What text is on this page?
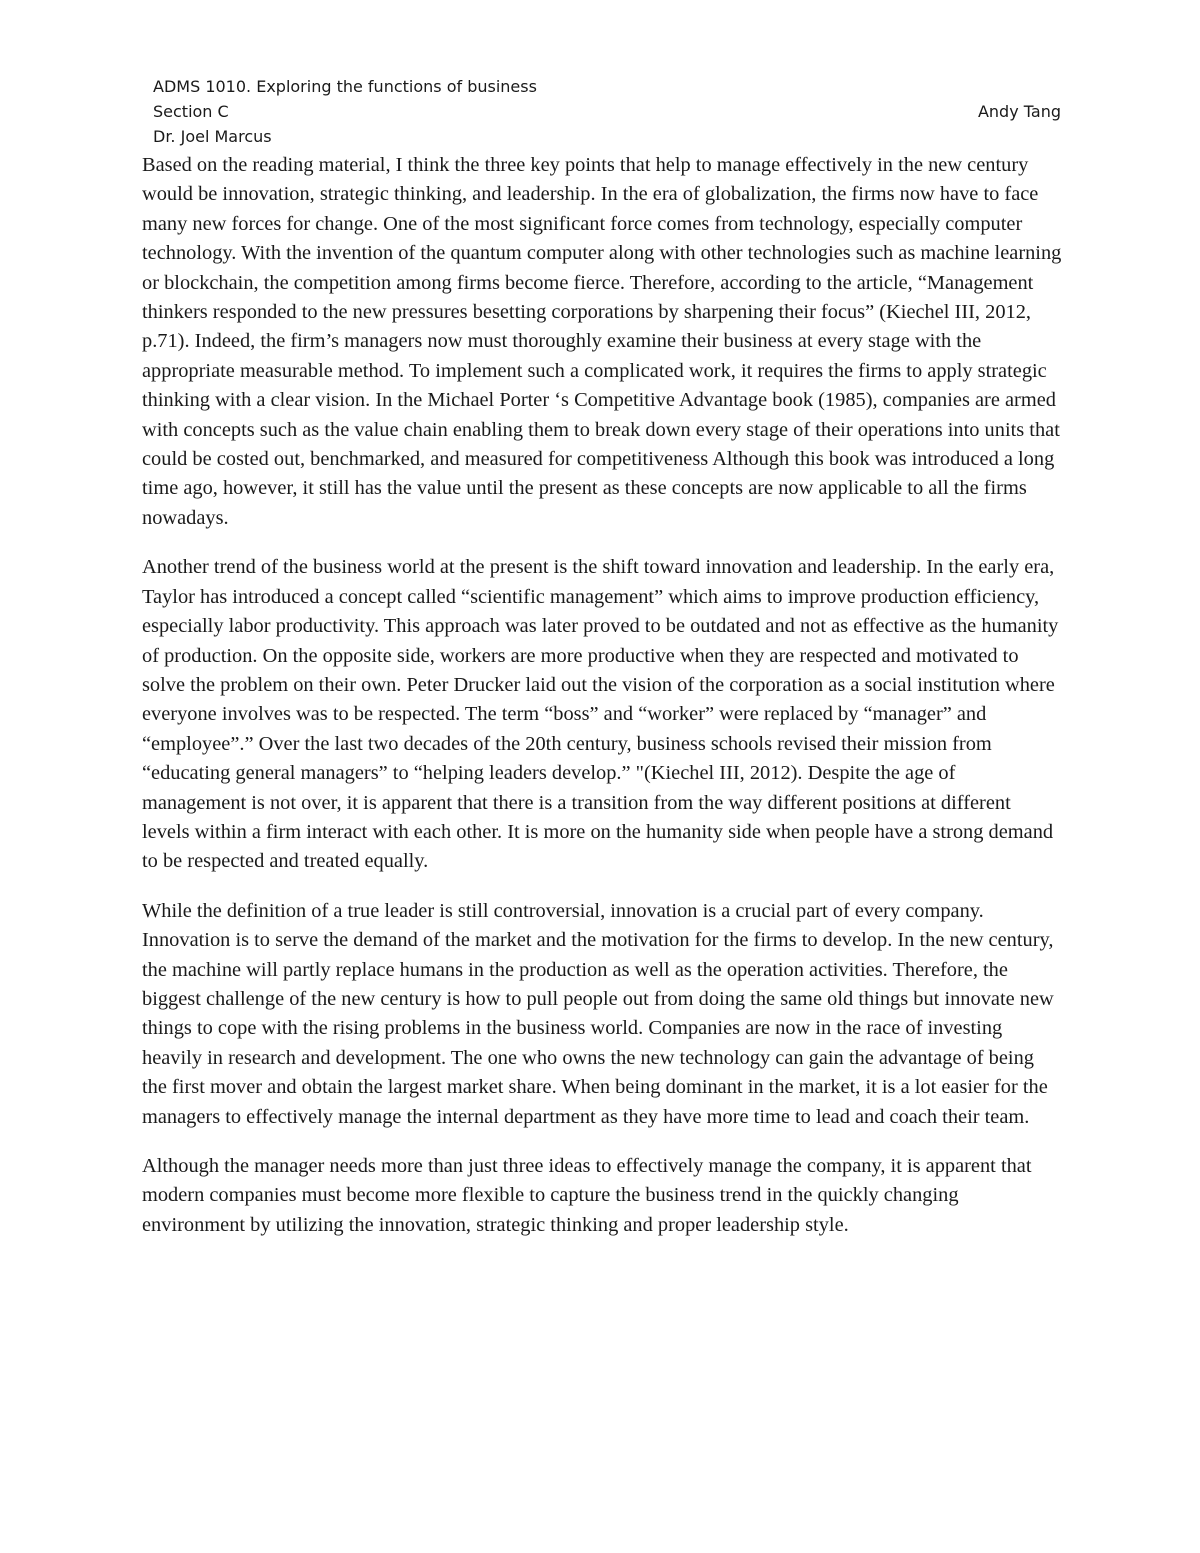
ADMS 1010. Exploring the functions of business
Section C	Andy Tang
Dr. Joel Marcus

Based on the reading material, I think the three key points that help to manage effectively in the new century would be innovation, strategic thinking, and leadership. In the era of globalization, the firms now have to face many new forces for change. One of the most significant force comes from technology, especially computer technology. With the invention of the quantum computer along with other technologies such as machine learning or blockchain, the competition among firms become fierce. Therefore, according to the article, “Management thinkers responded to the new pressures besetting corporations by sharpening their focus” (Kiechel III, 2012, p.71). Indeed, the firm’s managers now must thoroughly examine their business at every stage with the appropriate measurable method. To implement such a complicated work, it requires the firms to apply strategic thinking with a clear vision. In the Michael Porter ‘s Competitive Advantage book (1985), companies are armed with concepts such as the value chain enabling them to break down every stage of their operations into units that could be costed out, benchmarked, and measured for competitiveness Although this book was introduced a long time ago, however, it still has the value until the present as these concepts are now applicable to all the firms nowadays.

Another trend of the business world at the present is the shift toward innovation and leadership. In the early era, Taylor has introduced a concept called “scientific management” which aims to improve production efficiency, especially labor productivity. This approach was later proved to be outdated and not as effective as the humanity of production. On the opposite side, workers are more productive when they are respected and motivated to solve the problem on their own. Peter Drucker laid out the vision of the corporation as a social institution where everyone involves was to be respected. The term “boss” and “worker” were replaced by “manager” and “employee”.” Over the last two decades of the 20th century, business schools revised their mission from “educating general managers” to “helping leaders develop.” "(Kiechel III, 2012). Despite the age of management is not over, it is apparent that there is a transition from the way different positions at different levels within a firm interact with each other. It is more on the humanity side when people have a strong demand to be respected and treated equally.

While the definition of a true leader is still controversial, innovation is a crucial part of every company. Innovation is to serve the demand of the market and the motivation for the firms to develop. In the new century, the machine will partly replace humans in the production as well as the operation activities. Therefore, the biggest challenge of the new century is how to pull people out from doing the same old things but innovate new things to cope with the rising problems in the business world. Companies are now in the race of investing heavily in research and development. The one who owns the new technology can gain the advantage of being the first mover and obtain the largest market share. When being dominant in the market, it is a lot easier for the managers to effectively manage the internal department as they have more time to lead and coach their team.

Although the manager needs more than just three ideas to effectively manage the company, it is apparent that modern companies must become more flexible to capture the business trend in the quickly changing environment by utilizing the innovation, strategic thinking and proper leadership style.
